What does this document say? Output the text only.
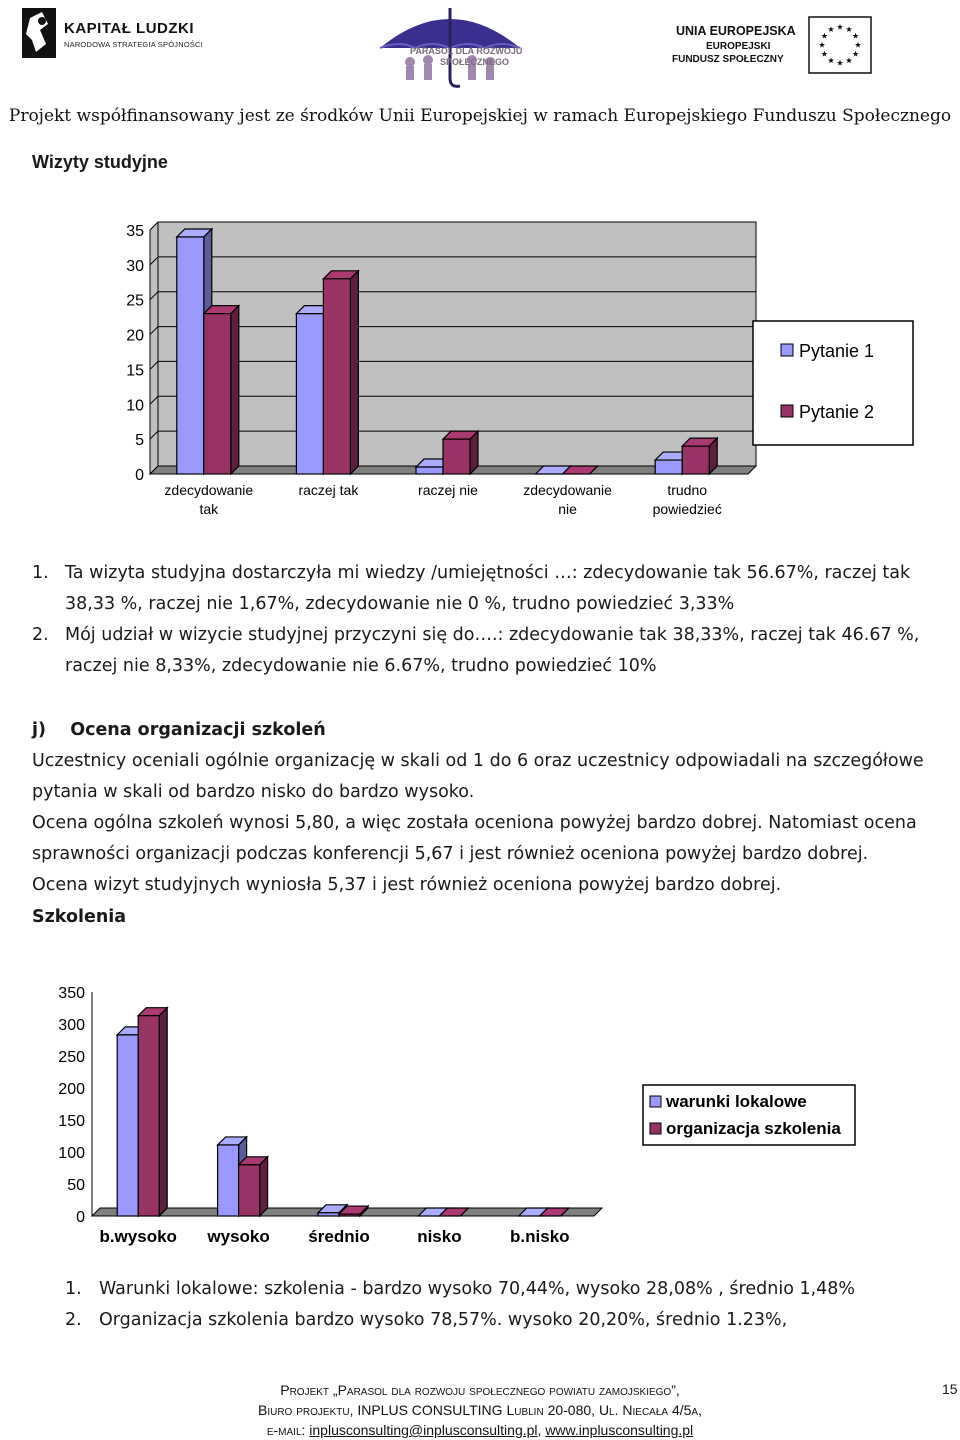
KAPITAŁ LUDZKI
NARODOWA STRATEGIA SPÓJNOŚCI
PARASOL DLA ROZWOJU
SPOŁECZNEGO
UNIA EUROPEJSKA
EUROPEJSKI
FUNDUSZ SPOŁECZNY
Projekt współfinansowany jest ze środków Unii Europejskiej w ramach Europejskiego Funduszu Społecznego
Wizyty studyjne
0
5
10
15
20
25
30
35
zdecydowanie
tak
raczej tak	raczej nie	zdecydowanie
nie
trudno
powiedzieć
Pytanie 1
Pytanie 2
1. Ta wizyta studyjna dostarczyła mi wiedzy /umiejętności …: zdecydowanie tak 56.67%, raczej tak
38,33 %, raczej nie 1,67%, zdecydowanie nie 0 %, trudno powiedzieć 3,33%
2. Mój udział w wizycie studyjnej przyczyni się do….: zdecydowanie tak 38,33%, raczej tak 46.67 %,
raczej nie 8,33%, zdecydowanie nie 6.67%, trudno powiedzieć 10%
j) Ocena organizacji szkoleń

Uczestnicy oceniali ogólnie organizację w skali od 1 do 6 oraz uczestnicy odpowiadali na szczegółowe

pytania w skali od bardzo nisko do bardzo wysoko.

Ocena ogólna szkoleń wynosi 5,80, a więc została oceniona powyżej bardzo dobrej. Natomiast ocena

sprawności organizacji podczas konferencji 5,67 i jest również oceniona powyżej bardzo dobrej.

Ocena wizyt studyjnych wyniosła 5,37 i jest również oceniona powyżej bardzo dobrej.

Szkolenia
0
50
100
150
200
250
300
350
b.wysoko wysoko średnio	nisko	b.nisko
warunki lokalowe
organizacja szkolenia
1. Warunki lokalowe: szkolenia - bardzo wysoko 70,44%, wysoko 28,08% , średnio 1,48%
2. Organizacja szkolenia bardzo wysoko 78,57%. wysoko 20,20%, średnio 1.23%,
Projekt „Parasol dla rozwoju społecznego powiatu zamojskiego”,
Biuro projektu, INPLUS CONSULTING Lublin 20-080, Ul. Niecała 4/5a,
e-mail: inplusconsulting@inplusconsulting.pl, www.inplusconsulting.pl
15
